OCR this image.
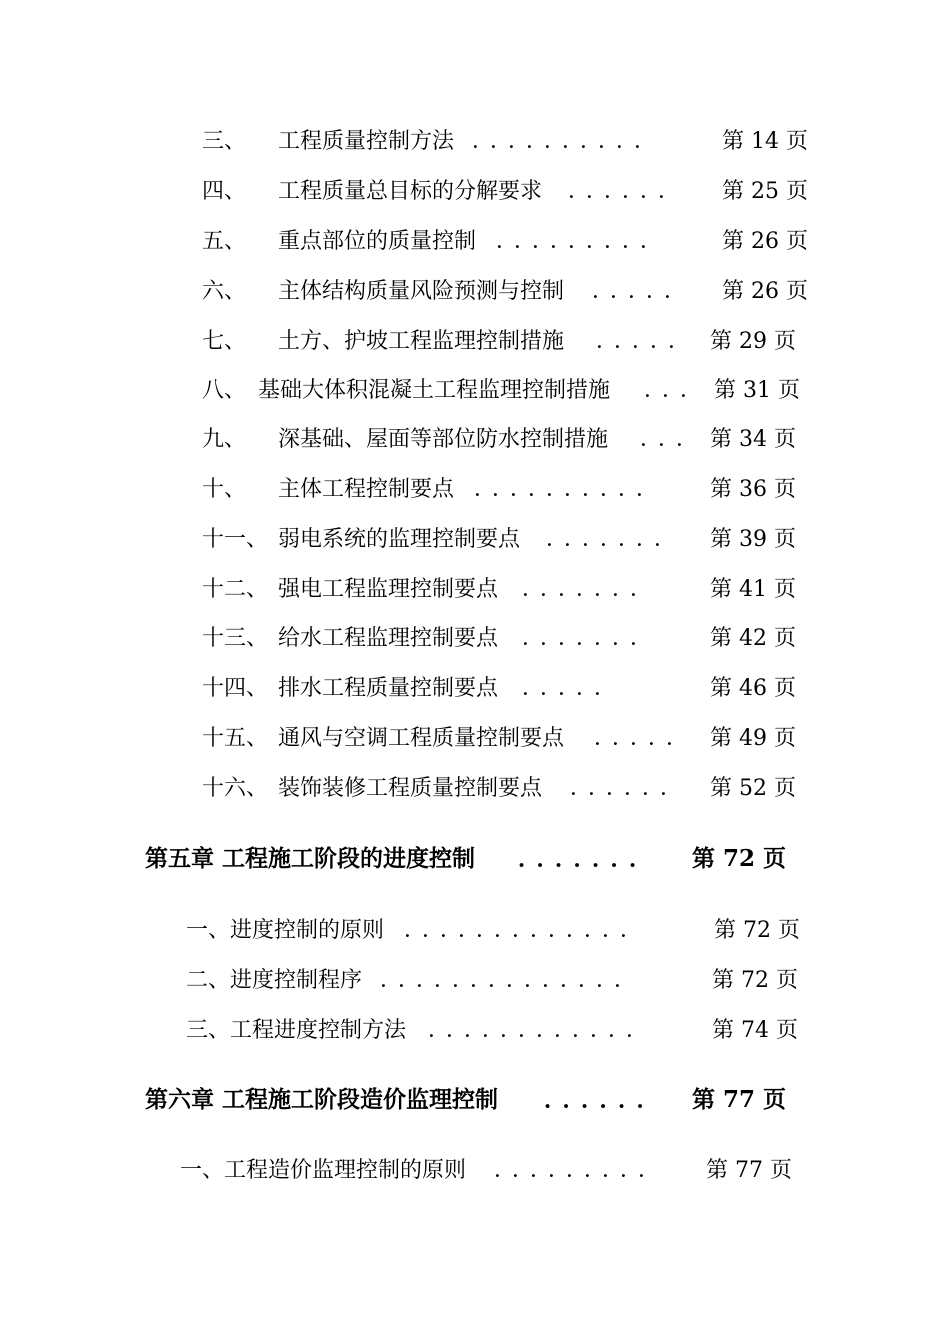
三、 工程质量控制方法 ．．．．．．．．．．	第 14 页
四、 工程质量总目标的分解要求 ．．．．．． 第 25 页
五、 重点部位的质量控制 ．．．．．．．．． 第 26 页
六、 主体结构质量风险预测与控制 ．．．．． 第 26 页
七、 土方、护坡工程监理控制措施 ．．．．． 第 29 页
八、 基础大体积混凝土工程监理控制措施 ．．． 第 31 页
九、 深基础、屋面等部位防水控制措施 ．．． 第 34 页
十、 主体工程控制要点 ．．．．．．．．．． 第 36 页
十一、 弱电系统的监理控制要点 ．．．．．．． 第 39 页
十二、 强电工程监理控制要点 ．．．．．．． 第 41 页
十三、 给水工程监理控制要点 ．．．．．．． 第 42 页
十四、 排水工程质量控制要点 ．．．．．	第 46 页
十五、 通风与空调工程质量控制要点 ．．．．． 第 49 页
十六、 装饰装修工程质量控制要点 ．．．．．． 第 52 页
第五章 工程施工阶段的进度控制 ．．．．．．． 第 72 页
一、进度控制的原则 ．．．．．．．．．．．．．	第 72 页
二、进度控制程序 ．．．．．．．．．．．．．．	第 72 页
三、工程进度控制方法 ．．．．．．．．．．．．	第 74 页
第六章 工程施工阶段造价监理控制 ．．．．．． 第 77 页
一、工程造价监理控制的原则 ．．．．．．．．． 第 77 页
